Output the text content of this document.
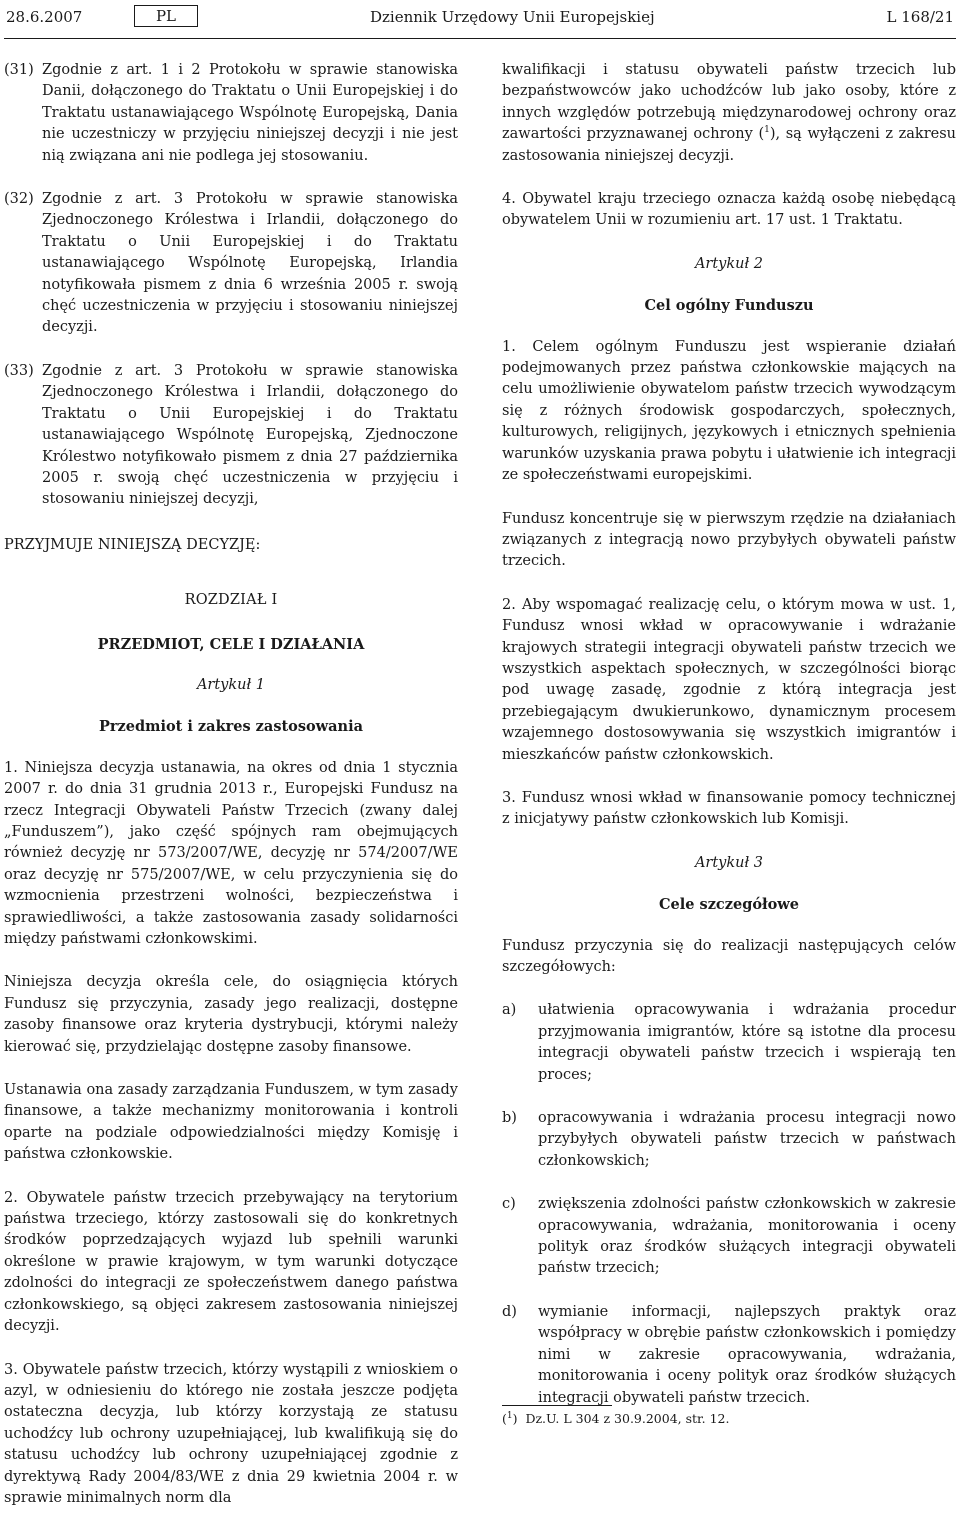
28.6.2007	PL	Dziennik Urzędowy Unii Europejskiej	L 168/21
(31) Zgodnie z art. 1 i 2 Protokołu w sprawie stanowiska Danii, dołączonego do Traktatu o Unii Europejskiej i do Traktatu ustanawiającego Wspólnotę Europejską, Dania nie uczestniczy w przyjęciu niniejszej decyzji i nie jest nią związana ani nie podlega jej stosowaniu.

(32) Zgodnie z art. 3 Protokołu w sprawie stanowiska Zjednoczonego Królestwa i Irlandii, dołączonego do Traktatu o Unii Europejskiej i do Traktatu ustanawiającego Wspólnotę Europejską, Irlandia notyfikowała pismem z dnia 6 września 2005 r. swoją chęć uczestniczenia w przyjęciu i stosowaniu niniejszej decyzji.

(33) Zgodnie z art. 3 Protokołu w sprawie stanowiska Zjednoczonego Królestwa i Irlandii, dołączonego do Traktatu o Unii Europejskiej i do Traktatu ustanawiającego Wspólnotę Europejską, Zjednoczone Królestwo notyfikowało pismem z dnia 27 października 2005 r. swoją chęć uczestniczenia w przyjęciu i stosowaniu niniejszej decyzji,

PRZYJMUJE NINIEJSZĄ DECYZJĘ:

ROZDZIAŁ I

PRZEDMIOT, CELE I DZIAŁANIA

Artykuł 1

Przedmiot i zakres zastosowania

1. Niniejsza decyzja ustanawia, na okres od dnia 1 stycznia 2007 r. do dnia 31 grudnia 2013 r., Europejski Fundusz na rzecz Integracji Obywateli Państw Trzecich (zwany dalej „Funduszem”), jako część spójnych ram obejmujących również decyzję nr 573/2007/WE, decyzję nr 574/2007/WE oraz decyzję nr 575/2007/WE, w celu przyczynienia się do wzmocnienia przestrzeni wolności, bezpieczeństwa i sprawiedliwości, a także zastosowania zasady solidarności między państwami członkowskimi.

Niniejsza decyzja określa cele, do osiągnięcia których Fundusz się przyczynia, zasady jego realizacji, dostępne zasoby finansowe oraz kryteria dystrybucji, którymi należy kierować się, przydzielając dostępne zasoby finansowe.

Ustanawia ona zasady zarządzania Funduszem, w tym zasady finansowe, a także mechanizmy monitorowania i kontroli oparte na podziale odpowiedzialności między Komisję i państwa członkowskie.

2. Obywatele państw trzecich przebywający na terytorium państwa trzeciego, którzy zastosowali się do konkretnych środków poprzedzających wyjazd lub spełnili warunki określone w prawie krajowym, w tym warunki dotyczące zdolności do integracji ze społeczeństwem danego państwa członkowskiego, są objęci zakresem zastosowania niniejszej decyzji.

3. Obywatele państw trzecich, którzy wystąpili z wnioskiem o azyl, w odniesieniu do którego nie została jeszcze podjęta ostateczna decyzja, lub którzy korzystają ze statusu uchodźcy lub ochrony uzupełniającej, lub kwalifikują się do statusu uchodźcy lub ochrony uzupełniającej zgodnie z dyrektywą Rady 2004/83/WE z dnia 29 kwietnia 2004 r. w sprawie minimalnych norm dla

kwalifikacji i statusu obywateli państw trzecich lub bezpaństwowców jako uchodźców lub jako osoby, które z innych względów potrzebują międzynarodowej ochrony oraz zawartości przyznawanej ochrony ($^1$), są wyłączeni z zakresu zastosowania niniejszej decyzji.

4. Obywatel kraju trzeciego oznacza każdą osobę niebędącą obywatelem Unii w rozumieniu art. 17 ust. 1 Traktatu.

Artykuł 2

Cel ogólny Funduszu

1. Celem ogólnym Funduszu jest wspieranie działań podejmowanych przez państwa członkowskie mających na celu umożliwienie obywatelom państw trzecich wywodzącym się z różnych środowisk gospodarczych, społecznych, kulturowych, religijnych, językowych i etnicznych spełnienia warunków uzyskania prawa pobytu i ułatwienie ich integracji ze społeczeństwami europejskimi.

Fundusz koncentruje się w pierwszym rzędzie na działaniach związanych z integracją nowo przybyłych obywateli państw trzecich.

2. Aby wspomagać realizację celu, o którym mowa w ust. 1, Fundusz wnosi wkład w opracowywanie i wdrażanie krajowych strategii integracji obywateli państw trzecich we wszystkich aspektach społecznych, w szczególności biorąc pod uwagę zasadę, zgodnie z którą integracja jest przebiegającym dwukierunkowo, dynamicznym procesem wzajemnego dostosowywania się wszystkich imigrantów i mieszkańców państw członkowskich.

3. Fundusz wnosi wkład w finansowanie pomocy technicznej z inicjatywy państw członkowskich lub Komisji.

Artykuł 3

Cele szczegółowe

Fundusz przyczynia się do realizacji następujących celów szczegółowych:

a)	ułatwienia opracowywania i wdrażania procedur przyjmowania imigrantów, które są istotne dla procesu integracji obywateli państw trzecich i wspierają ten proces;

b)	opracowywania i wdrażania procesu integracji nowo przybyłych obywateli państw trzecich w państwach członkowskich;

c)	zwiększenia zdolności państw członkowskich w zakresie opracowywania, wdrażania, monitorowania i oceny polityk oraz środków służących integracji obywateli państw trzecich;

d)	wymianie informacji, najlepszych praktyk oraz współpracy w obrębie państw członkowskich i pomiędzy nimi w zakresie opracowywania, wdrażania, monitorowania i oceny polityk oraz środków służących integracji obywateli państw trzecich.

($^1$)  Dz.U. L 304 z 30.9.2004, str. 12.
